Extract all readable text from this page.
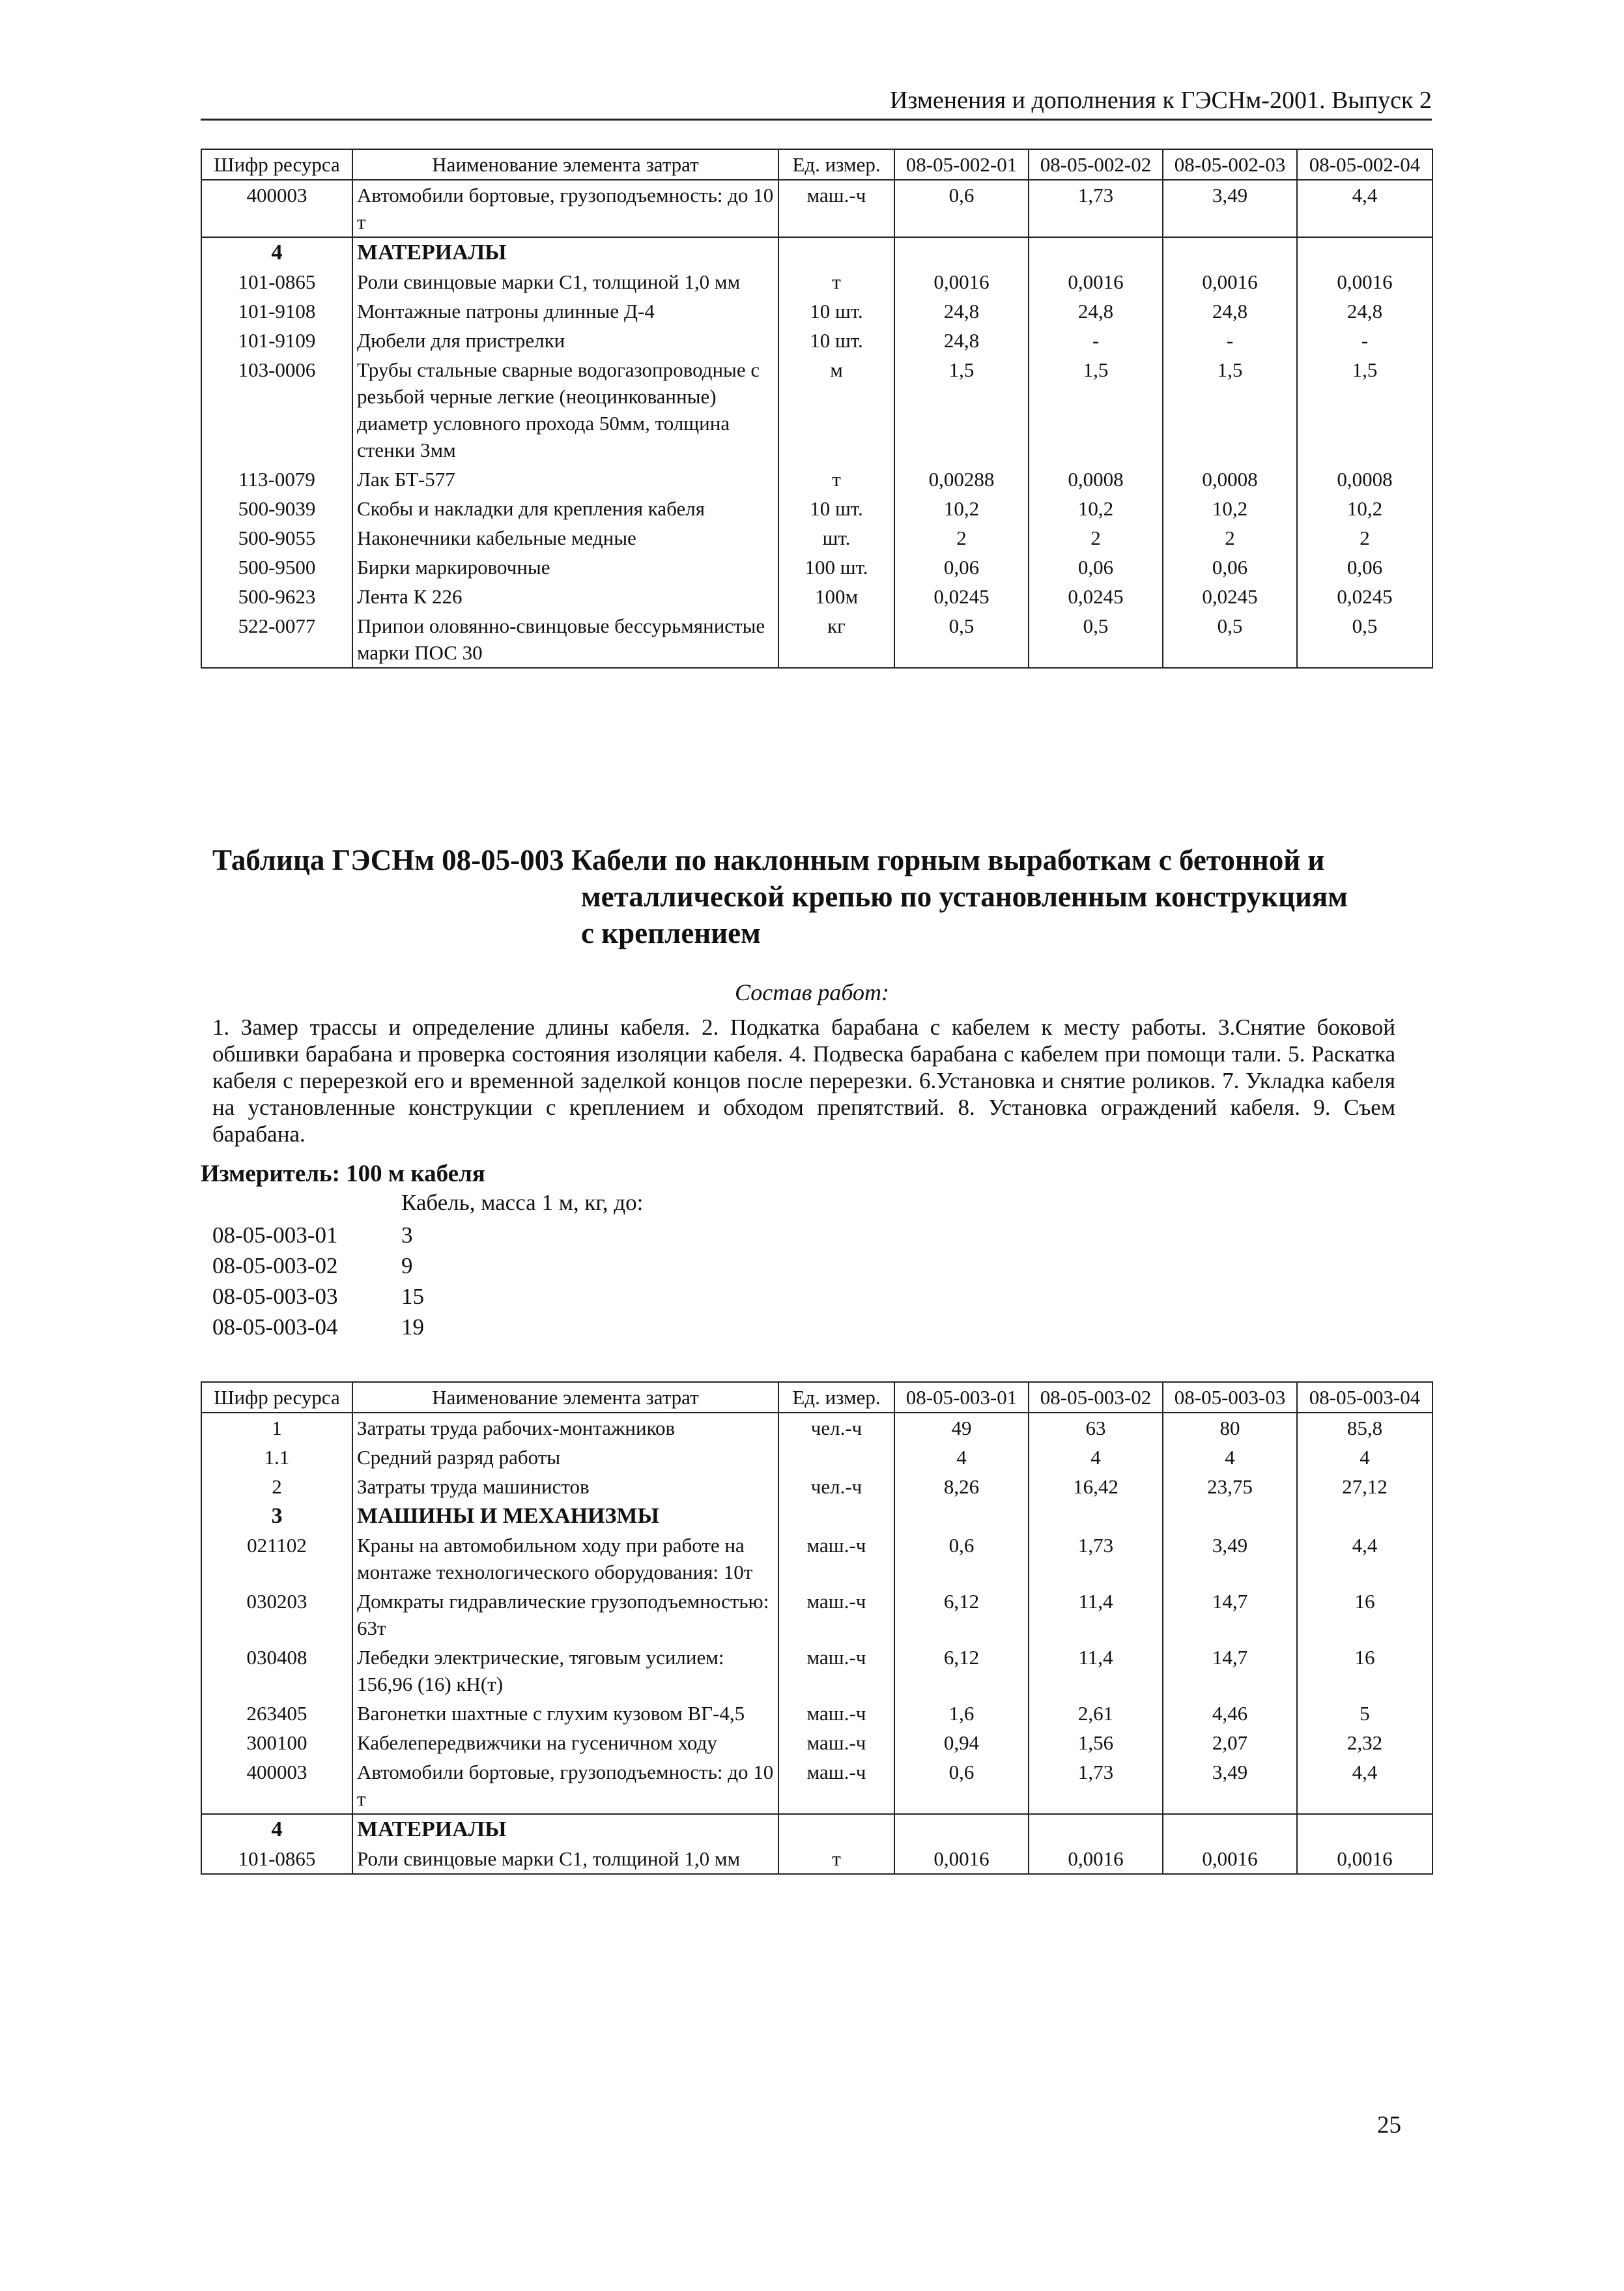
Изменения и дополнения к ГЭСНм-2001. Выпуск 2
Шифр ресурса	Наименование элемента затрат	Ед. измер.	08-05-002-01	08-05-002-02	08-05-002-03	08-05-002-04
400003	Автомобили бортовые, грузоподъемность: до 10 т	маш.-ч	0,6	1,73	3,49	4,4
4	МАТЕРИАЛЫ					
101-0865	Роли свинцовые марки С1, толщиной 1,0 мм	т	0,0016	0,0016	0,0016	0,0016
101-9108	Монтажные патроны длинные Д-4	10 шт.	24,8	24,8	24,8	24,8
101-9109	Дюбели для пристрелки	10 шт.	24,8	-	-	-
103-0006	Трубы стальные сварные водогазопроводные с резьбой черные легкие (неоцинкованные) диаметр условного прохода 50мм, толщина стенки 3мм	м	1,5	1,5	1,5	1,5
113-0079	Лак БТ-577	т	0,00288	0,0008	0,0008	0,0008
500-9039	Скобы и накладки для крепления кабеля	10 шт.	10,2	10,2	10,2	10,2
500-9055	Наконечники кабельные медные	шт.	2	2	2	2
500-9500	Бирки маркировочные	100 шт.	0,06	0,06	0,06	0,06
500-9623	Лента К 226	100м	0,0245	0,0245	0,0245	0,0245
522-0077	Припои оловянно-свинцовые бессурьмянистые марки ПОС 30	кг	0,5	0,5	0,5	0,5
Таблица ГЭСНм 08-05-003 Кабели по наклонным горным выработкам с бетонной и
металлической крепью по установленным конструкциям
с креплением
Состав работ:
1. Замер трассы и определение длины кабеля. 2. Подкатка барабана с кабелем к месту работы. 3.Снятие боковой обшивки барабана и проверка состояния изоляции кабеля. 4. Подвеска барабана с кабелем при помощи тали. 5. Раскатка кабеля с перерезкой его и временной заделкой концов после перерезки. 6.Установка и снятие роликов. 7. Укладка кабеля на установленные конструкции с креплением и обходом препятствий. 8. Установка ограждений кабеля. 9. Съем барабана.
Измеритель: 100 м кабеля
Кабель, масса 1 м, кг, до:
08-05-003-01	3
08-05-003-02	9
08-05-003-03	15
08-05-003-04	19
Шифр ресурса	Наименование элемента затрат	Ед. измер.	08-05-003-01	08-05-003-02	08-05-003-03	08-05-003-04
1	Затраты труда рабочих-монтажников	чел.-ч	49	63	80	85,8
1.1	Средний разряд работы		4	4	4	4
2	Затраты труда машинистов	чел.-ч	8,26	16,42	23,75	27,12
3	МАШИНЫ И МЕХАНИЗМЫ					
021102	Краны на автомобильном ходу при работе на монтаже технологического оборудования: 10т	маш.-ч	0,6	1,73	3,49	4,4
030203	Домкраты гидравлические грузоподъемностью: 63т	маш.-ч	6,12	11,4	14,7	16
030408	Лебедки электрические, тяговым усилием: 156,96 (16) кН(т)	маш.-ч	6,12	11,4	14,7	16
263405	Вагонетки шахтные с глухим кузовом ВГ-4,5	маш.-ч	1,6	2,61	4,46	5
300100	Кабелепередвижчики на гусеничном ходу	маш.-ч	0,94	1,56	2,07	2,32
400003	Автомобили бортовые, грузоподъемность: до 10 т	маш.-ч	0,6	1,73	3,49	4,4
4	МАТЕРИАЛЫ					
101-0865	Роли свинцовые марки С1, толщиной 1,0 мм	т	0,0016	0,0016	0,0016	0,0016
25
